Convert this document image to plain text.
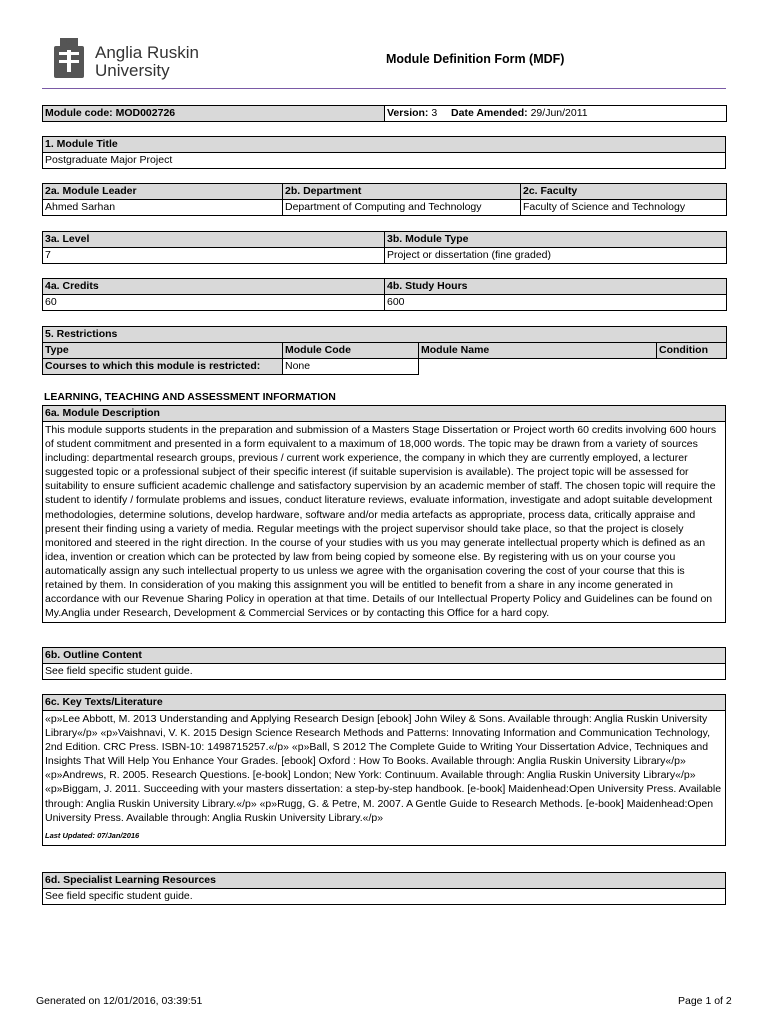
Anglia Ruskin
University
Module Definition Form (MDF)
Module code: MOD002726	Version: 3 Date Amended: 29/Jun/2011
1. Module Title
Postgraduate Major Project
2a. Module Leader	2b. Department	2c. Faculty
Ahmed Sarhan	Department of Computing and Technology	Faculty of Science and Technology
3a. Level	3b. Module Type
7	Project or dissertation (fine graded)
4a. Credits	4b. Study Hours
60	600
5. Restrictions			
Type	Module Code	Module Name	Condition
Courses to which this module is restricted:	None		
LEARNING, TEACHING AND ASSESSMENT INFORMATION
6a. Module Description
This module supports students in the preparation and submission of a Masters Stage Dissertation or Project worth 60 credits involving 600 hours of student commitment and presented in a form equivalent to a maximum of 18,000 words. The topic may be drawn from a variety of sources including: departmental research groups, previous / current work experience, the company in which they are currently employed, a lecturer suggested topic or a professional subject of their specific interest (if suitable supervision is available). The project topic will be assessed for suitability to ensure sufficient academic challenge and satisfactory supervision by an academic member of staff. The chosen topic will require the student to identify / formulate problems and issues, conduct literature reviews, evaluate information, investigate and adopt suitable development methodologies, determine solutions, develop hardware, software and/or media artefacts as appropriate, process data, critically appraise and present their finding using a variety of media. Regular meetings with the project supervisor should take place, so that the project is closely monitored and steered in the right direction. In the course of your studies with us you may generate intellectual property which is defined as an idea, invention or creation which can be protected by law from being copied by someone else. By registering with us on your course you automatically assign any such intellectual property to us unless we agree with the organisation covering the cost of your course that this is retained by them. In consideration of you making this assignment you will be entitled to benefit from a share in any income generated in accordance with our Revenue Sharing Policy in operation at that time. Details of our Intellectual Property Policy and Guidelines can be found on My.Anglia under Research, Development & Commercial Services or by contacting this Office for a hard copy.
6b. Outline Content
See field specific student guide.
6c. Key Texts/Literature
«p»Lee Abbott, M. 2013 Understanding and Applying Research Design [ebook] John Wiley & Sons. Available through: Anglia Ruskin University Library«/p» «p»Vaishnavi, V. K. 2015 Design Science Research Methods and Patterns: Innovating Information and Communication Technology, 2nd Edition. CRC Press. ISBN-10: 1498715257.«/p» «p»Ball, S 2012 The Complete Guide to Writing Your Dissertation Advice, Techniques and Insights That Will Help You Enhance Your Grades. [ebook] Oxford : How To Books. Available through: Anglia Ruskin University Library«/p» «p»Andrews, R. 2005. Research Questions. [e-book] London; New York: Continuum. Available through: Anglia Ruskin University Library«/p» «p»Biggam, J. 2011. Succeeding with your masters dissertation: a step-by-step handbook. [e-book] Maidenhead:Open University Press. Available through: Anglia Ruskin University Library.«/p» «p»Rugg, G. & Petre, M. 2007. A Gentle Guide to Research Methods. [e-book] Maidenhead:Open University Press. Available through: Anglia Ruskin University Library.«/p»
Last Updated: 07/Jan/2016
6d. Specialist Learning Resources
See field specific student guide.
Generated on 12/01/2016, 03:39:51	Page 1 of 2
